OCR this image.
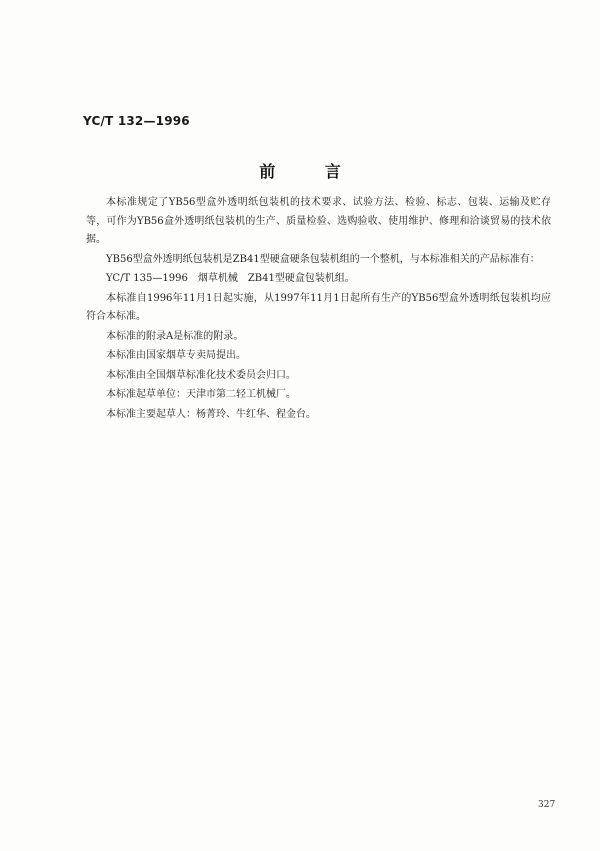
YC/T 132—1996
前 言

本标准规定了YB56型盒外透明纸包装机的技术要求、试验方法、检验、标志、包装、运输及贮存等，可作为YB56盒外透明纸包装机的生产、质量检验、选购验收、使用维护、修理和洽谈贸易的技术依据。

YB56型盒外透明纸包装机是ZB41型硬盒硬条包装机组的一个整机，与本标准相关的产品标准有：

YC/T 135—1996　烟草机械　ZB41型硬盒包装机组。

本标准自1996年11月1日起实施，从1997年11月1日起所有生产的YB56型盒外透明纸包装机均应符合本标准。

本标准的附录A是标准的附录。

本标准由国家烟草专卖局提出。

本标准由全国烟草标准化技术委员会归口。

本标准起草单位：天津市第二轻工机械厂。

本标准主要起草人：杨菁玲、牛红华、程金台。

327
